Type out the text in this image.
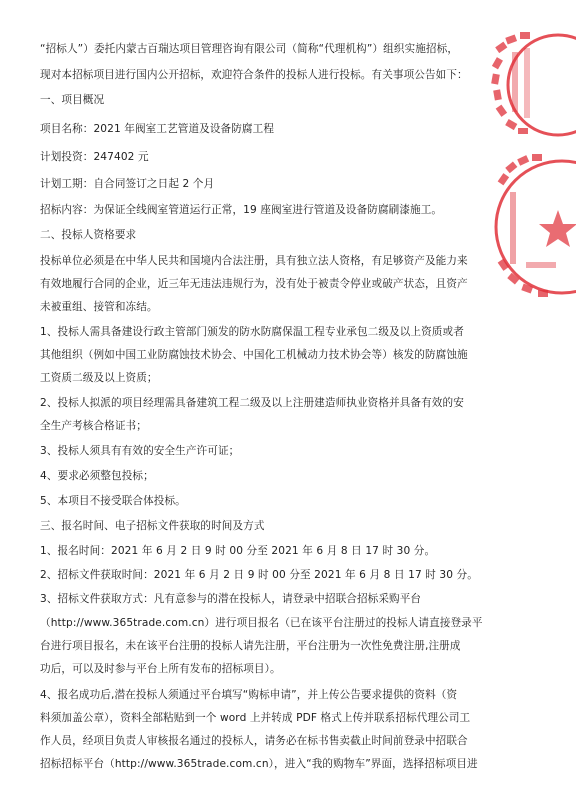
“招标人”）委托内蒙古百瑞达项目管理咨询有限公司（简称“代理机构”）组织实施招标，
现对本招标项目进行国内公开招标，欢迎符合条件的投标人进行投标。有关事项公告如下：
一、项目概况
项目名称：2021 年阀室工艺管道及设备防腐工程
计划投资：247402 元
计划工期：自合同签订之日起 2 个月
招标内容：为保证全线阀室管道运行正常，19 座阀室进行管道及设备防腐刷漆施工。
二、投标人资格要求
投标单位必须是在中华人民共和国境内合法注册，具有独立法人资格，有足够资产及能力来
有效地履行合同的企业，近三年无违法违规行为，没有处于被责令停业或破产状态，且资产
未被重组、接管和冻结。
1、投标人需具备建设行政主管部门颁发的防水防腐保温工程专业承包二级及以上资质或者
其他组织（例如中国工业防腐蚀技术协会、中国化工机械动力技术协会等）核发的防腐蚀施
工资质二级及以上资质；
2、投标人拟派的项目经理需具备建筑工程二级及以上注册建造师执业资格并具备有效的安
全生产考核合格证书；
3、投标人须具有有效的安全生产许可证；
4、要求必须整包投标；
5、本项目不接受联合体投标。
三、报名时间、电子招标文件获取的时间及方式
1、报名时间：2021 年 6 月 2 日 9 时 00 分至 2021 年 6 月 8 日 17 时 30 分。
2、招标文件获取时间：2021 年 6 月 2 日 9 时 00 分至 2021 年 6 月 8 日 17 时 30 分。
3、招标文件获取方式：凡有意参与的潜在投标人，请登录中招联合招标采购平台
（http://www.365trade.com.cn）进行项目报名（已在该平台注册过的投标人请直接登录平
台进行项目报名，未在该平台注册的投标人请先注册，平台注册为一次性免费注册,注册成
功后，可以及时参与平台上所有发布的招标项目）。
4、报名成功后,潜在投标人须通过平台填写“购标申请”，并上传公告要求提供的资料（资
料须加盖公章），资料全部粘贴到一个 word 上并转成 PDF 格式上传并联系招标代理公司工
作人员，经项目负责人审核报名通过的投标人，请务必在标书售卖截止时间前登录中招联合
招标招标平台（http://www.365trade.com.cn），进入“我的购物车”界面，选择招标项目进
